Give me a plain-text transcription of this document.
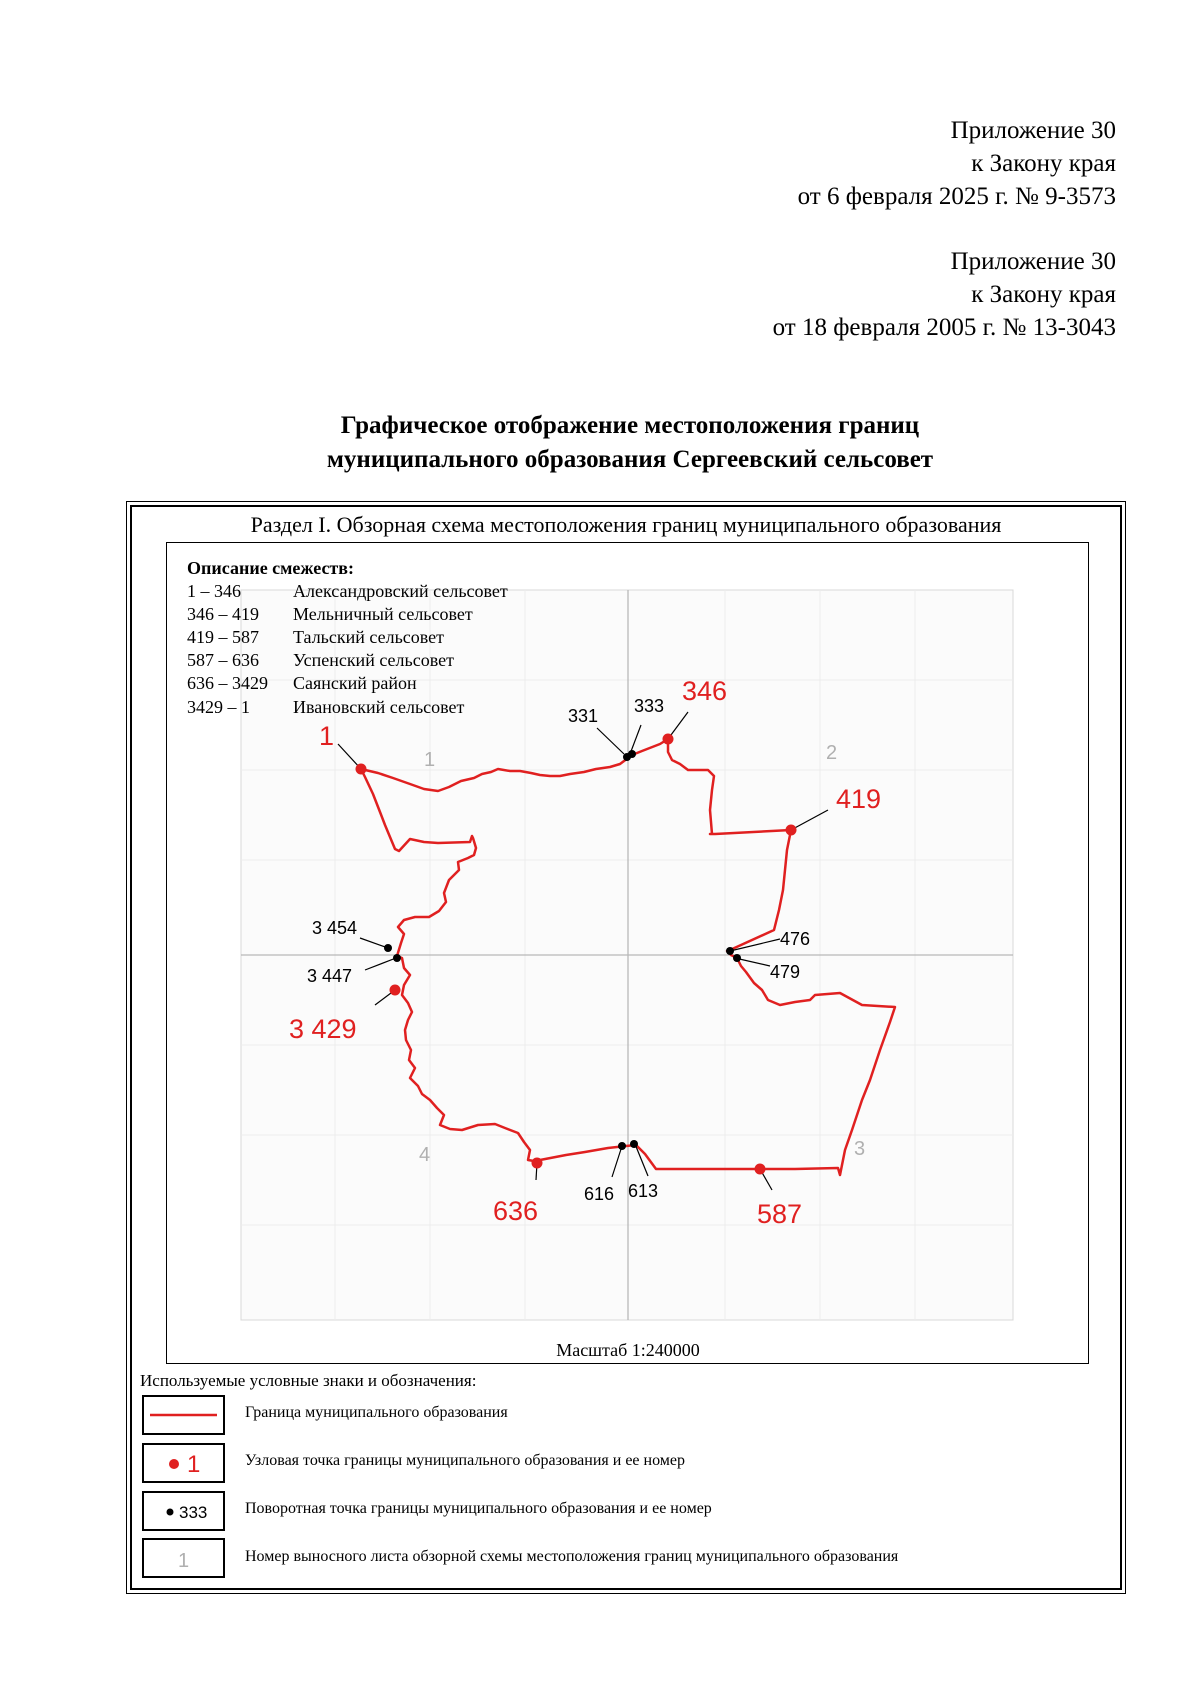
Приложение 30
к Закону края
от 6 февраля 2025 г. № 9-3573
Приложение 30
к Закону края
от 18 февраля 2005 г. № 13-3043
Графическое отображение местоположения границ
муниципального образования Сергеевский сельсовет
Раздел I. Обзорная схема местоположения границ муниципального образования
1	2
3
4
1
346
419
587
636
3 429
331 333
476
479
613
616
3 447
3 454
Описание смежеств:
1 – 346	Александровский сельсовет
346 – 419 Мельничный сельсовет
419 – 587 Тальский сельсовет
587 – 636 Успенский сельсовет
636 – 3429 Саянский район
3429 – 1 Ивановский сельсовет
Масштаб 1:240000
Используемые условные знаки и обозначения:
Граница муниципального образования
1	Узловая точка границы муниципального образования и ее номер
333 Поворотная точка границы муниципального образования и ее номер
1	Номер выносного листа обзорной схемы местоположения границ муниципального образования
